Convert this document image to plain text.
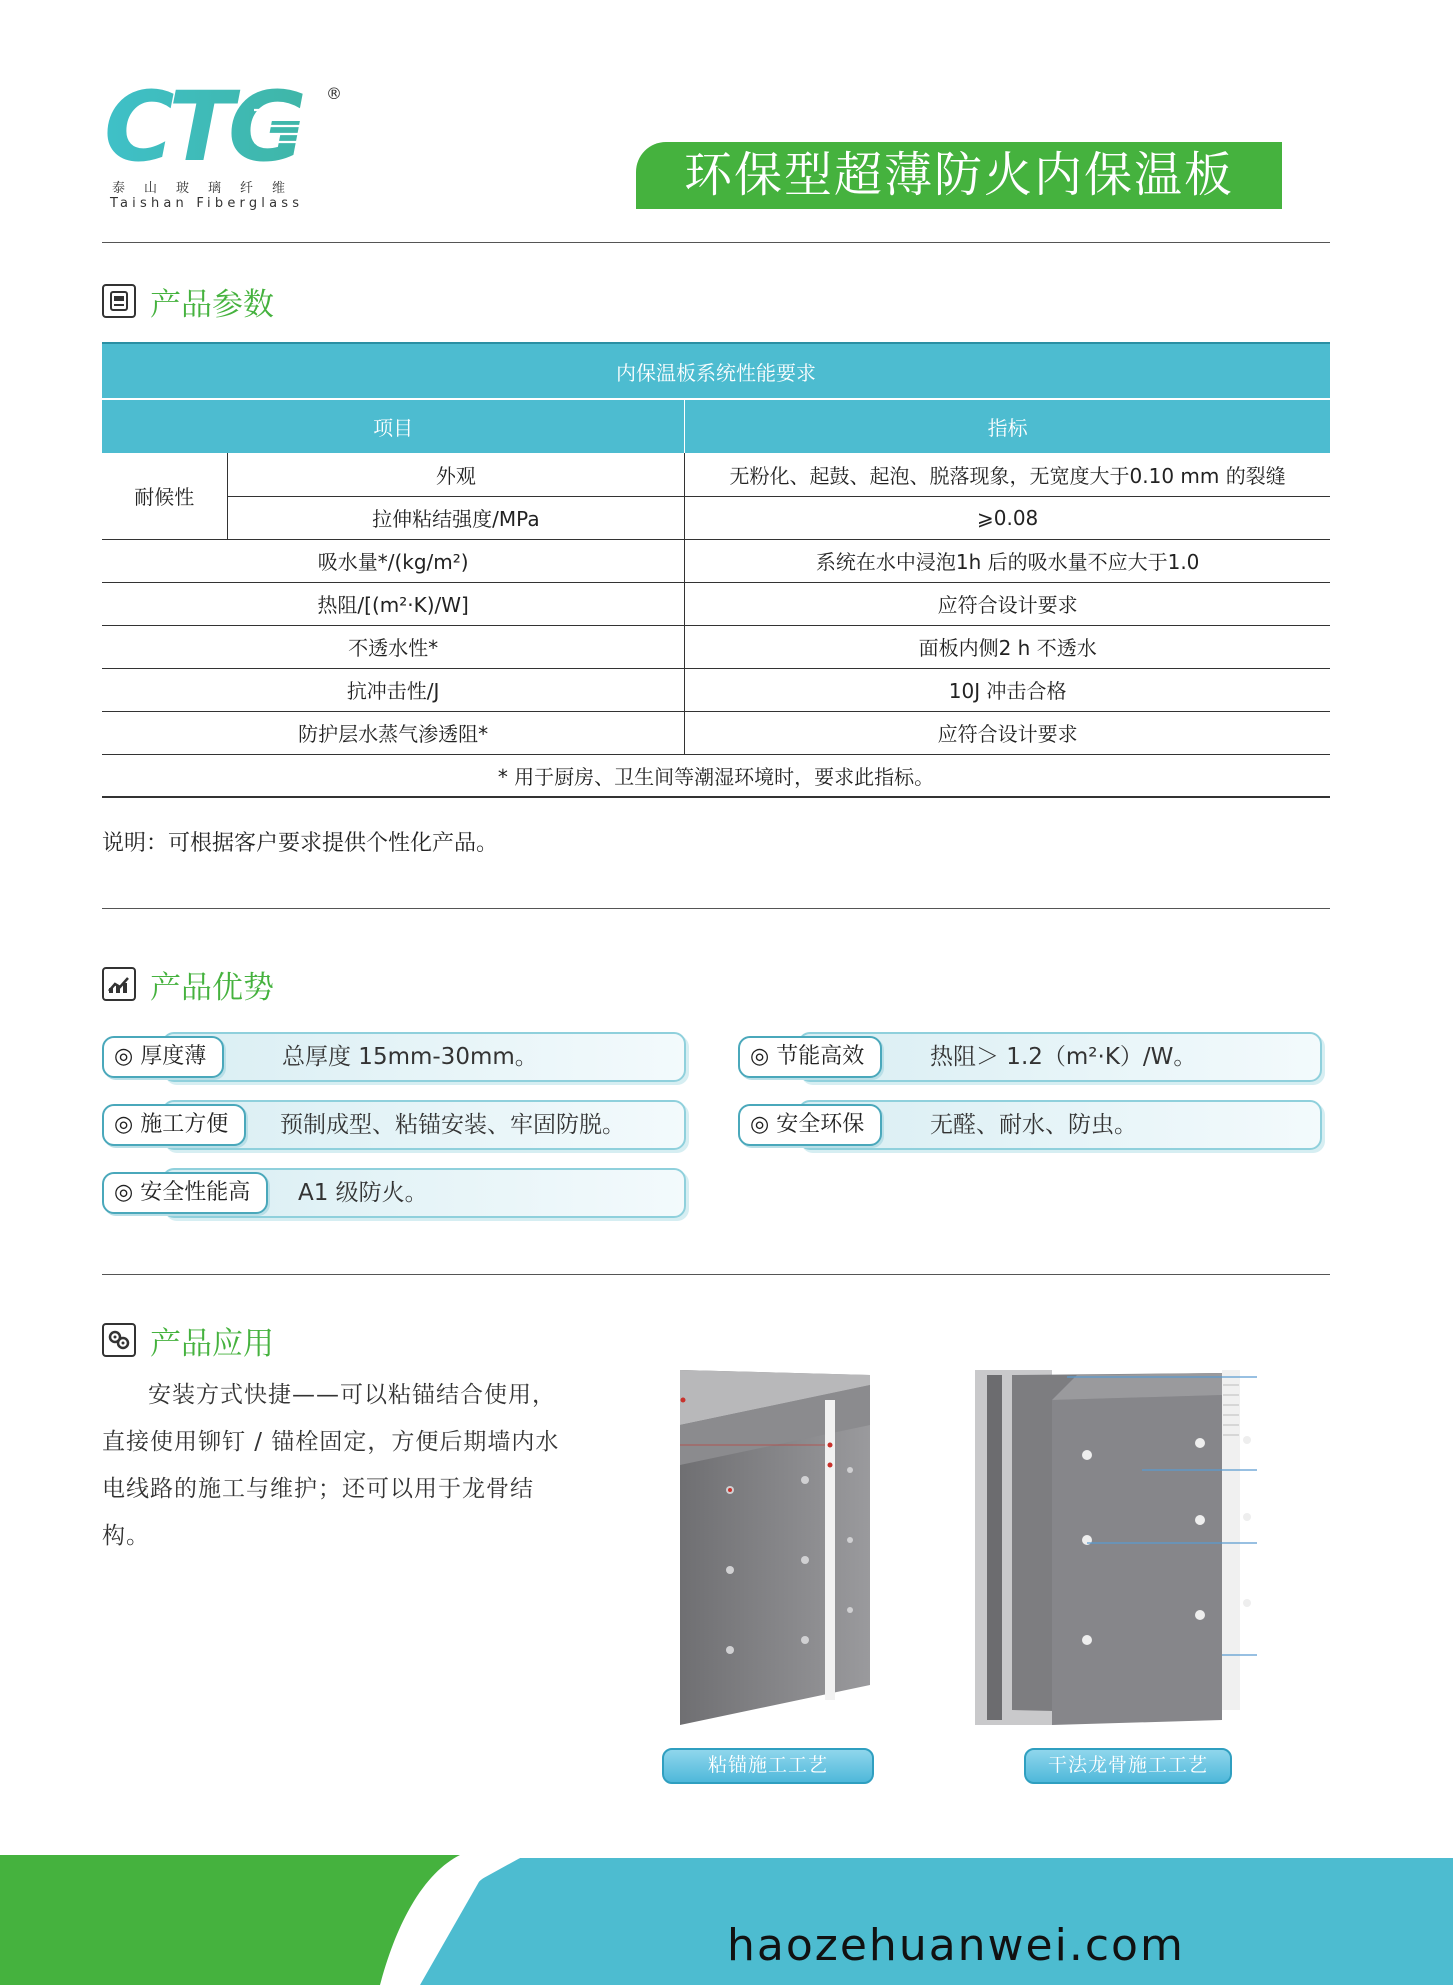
CTG ®
泰山玻璃纤维
Taishan Fiberglass
环保型超薄防火内保温板
产品参数
内保温板系统性能要求		
项目		指标
耐候性	外观	无粉化、起鼓、起泡、脱落现象，无宽度大于0.10 mm 的裂缝
	拉伸粘结强度/MPa	⩾0.08
吸水量*/(kg/m²)		系统在水中浸泡1h 后的吸水量不应大于1.0
热阻/[(m²·K)/W]		应符合设计要求
不透水性*		面板内侧2 h 不透水
抗冲击性/J		10J 冲击合格
防护层水蒸气渗透阻*		应符合设计要求
* 用于厨房、卫生间等潮湿环境时，要求此指标。		
说明：可根据客户要求提供个性化产品。
产品优势
◎ 厚度薄	总厚度 15mm-30mm。	◎ 节能高效	热阻＞ 1.2（m²·K）/W。
◎ 施工方便	预制成型、粘锚安装、牢固防脱。	◎ 安全环保	无醛、耐水、防虫。
◎ 安全性能高	A1 级防火。
产品应用

安装方式快捷——可以粘锚结合使用，直接使用铆钉 / 锚栓固定，方便后期墙内水电线路的施工与维护；还可以用于龙骨结构。

粘锚施工工艺	干法龙骨施工工艺
haozehuanwei.com
